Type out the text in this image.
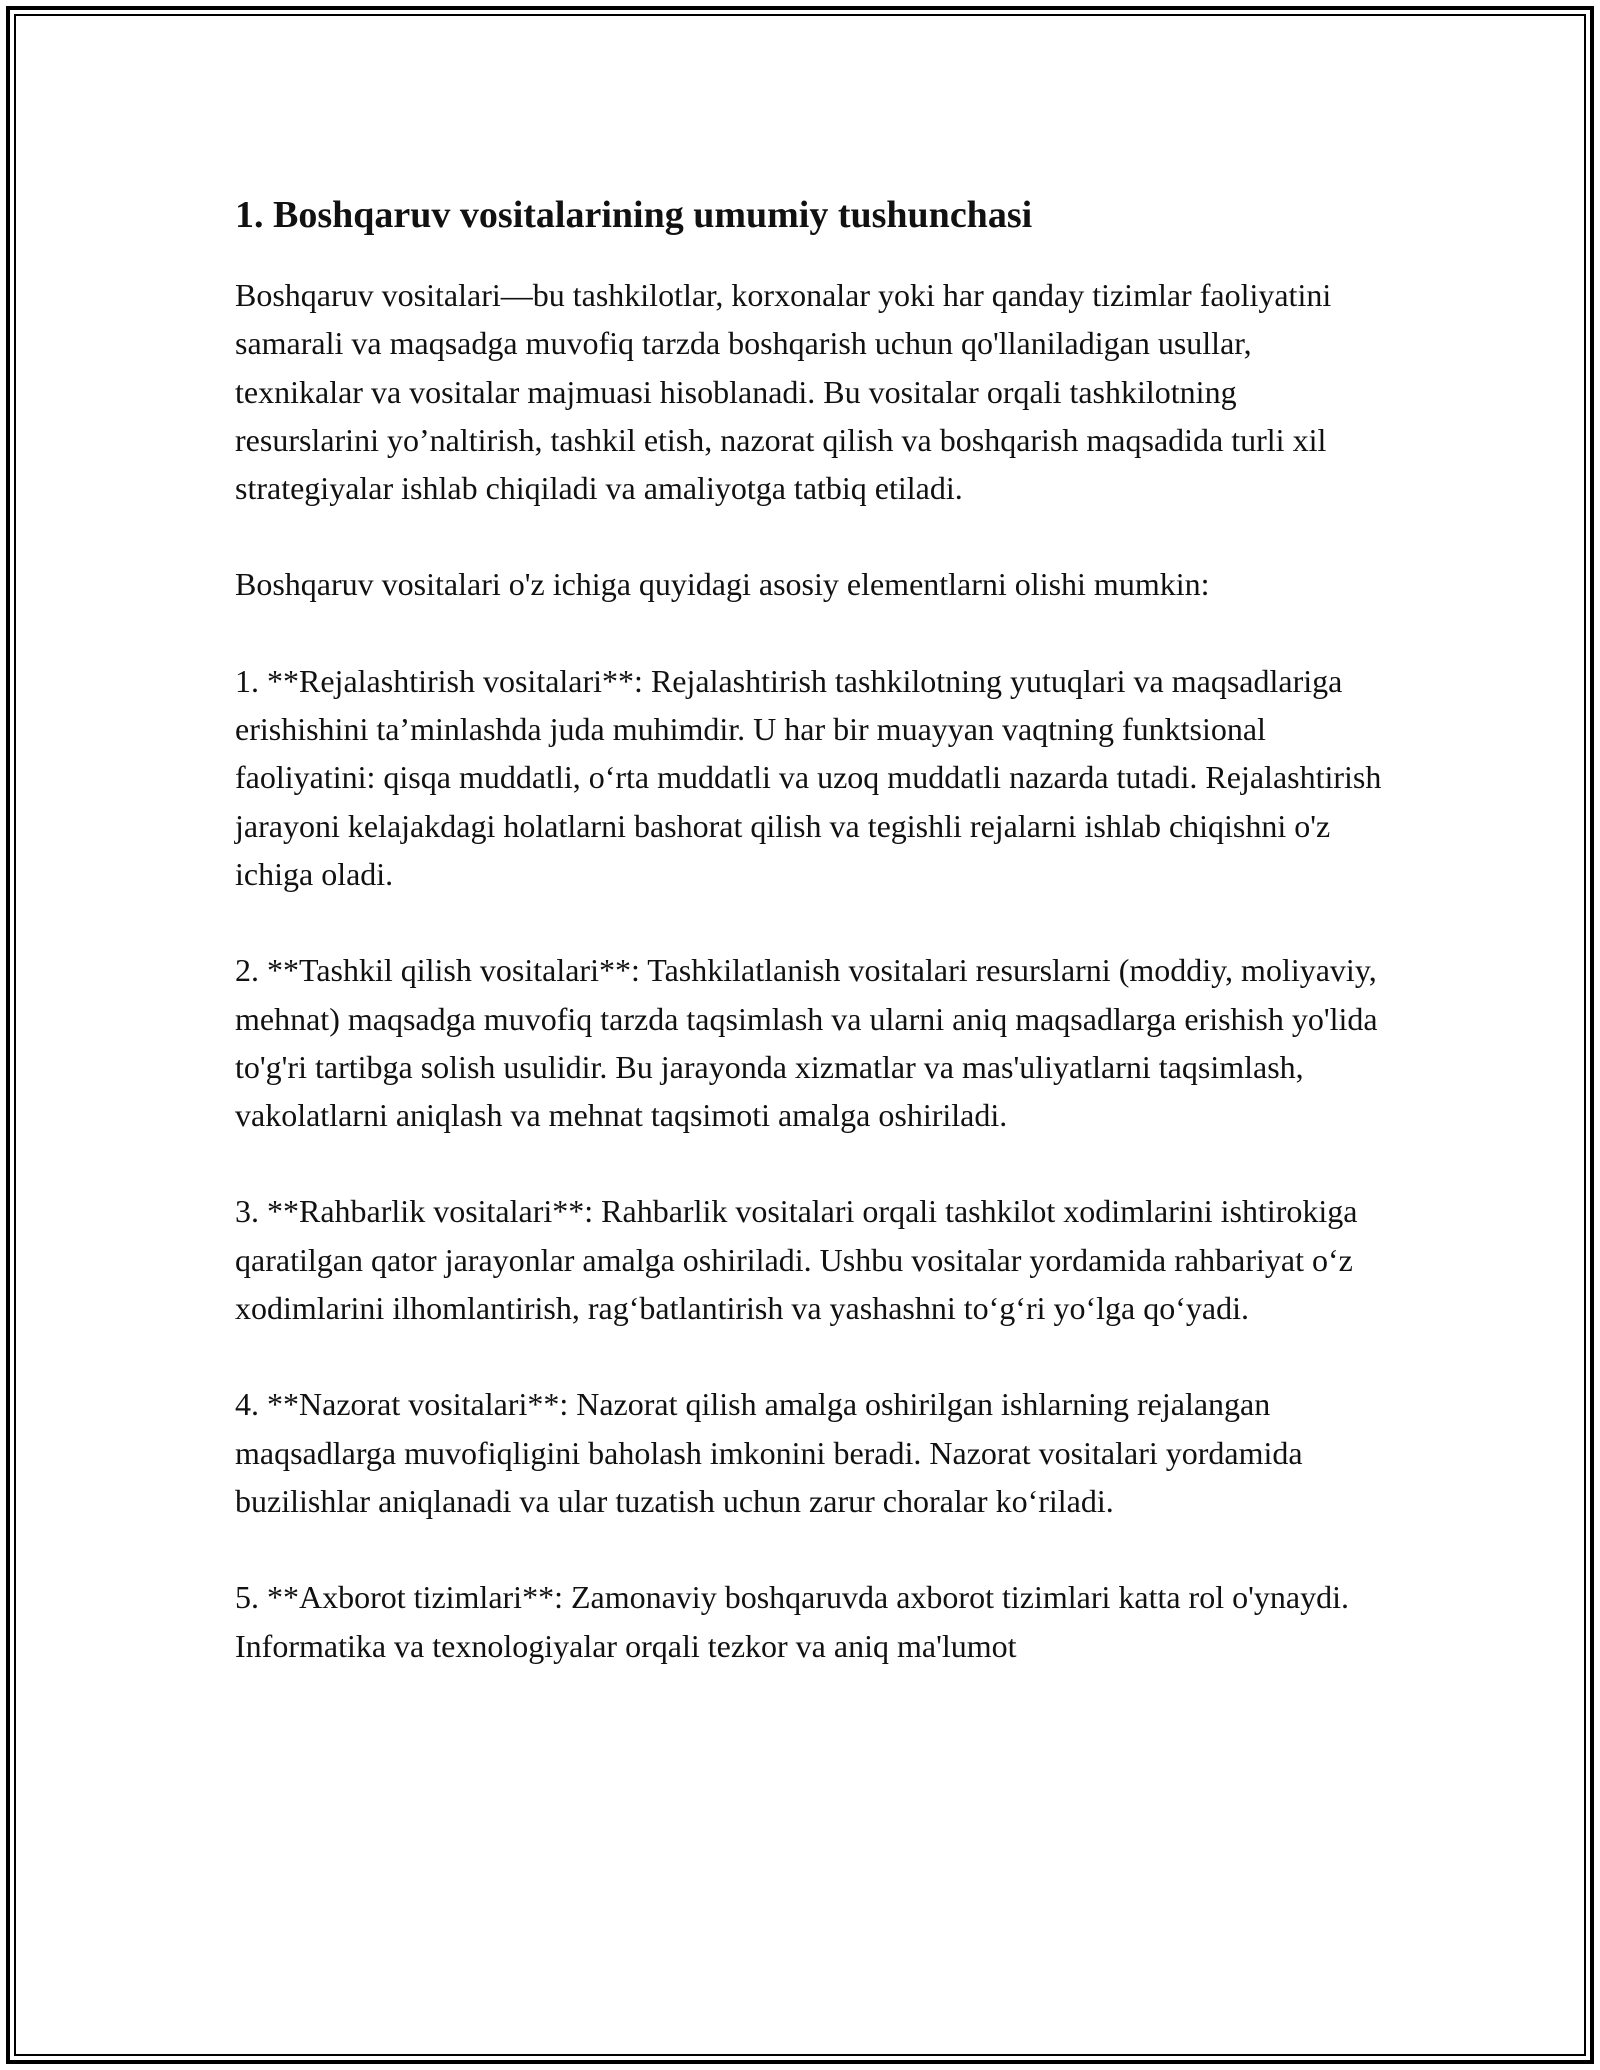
1. Boshqaruv vositalarining umumiy tushunchasi

Boshqaruv vositalari—bu tashkilotlar, korxonalar yoki har qanday tizimlar faoliyatini samarali va maqsadga muvofiq tarzda boshqarish uchun qo'llaniladigan usullar, texnikalar va vositalar majmuasi hisoblanadi. Bu vositalar orqali tashkilotning resurslarini yo’naltirish, tashkil etish, nazorat qilish va boshqarish maqsadida turli xil strategiyalar ishlab chiqiladi va amaliyotga tatbiq etiladi.

Boshqaruv vositalari o'z ichiga quyidagi asosiy elementlarni olishi mumkin:

1. **Rejalashtirish vositalari**: Rejalashtirish tashkilotning yutuqlari va maqsadlariga erishishini ta’minlashda juda muhimdir. U har bir muayyan vaqtning funktsional faoliyatini: qisqa muddatli, o‘rta muddatli va uzoq muddatli nazarda tutadi. Rejalashtirish jarayoni kelajakdagi holatlarni bashorat qilish va tegishli rejalarni ishlab chiqishni o'z ichiga oladi.

2. **Tashkil qilish vositalari**: Tashkilatlanish vositalari resurslarni (moddiy, moliyaviy, mehnat) maqsadga muvofiq tarzda taqsimlash va ularni aniq maqsadlarga erishish yo'lida to'g'ri tartibga solish usulidir. Bu jarayonda xizmatlar va mas'uliyatlarni taqsimlash, vakolatlarni aniqlash va mehnat taqsimoti amalga oshiriladi.

3. **Rahbarlik vositalari**: Rahbarlik vositalari orqali tashkilot xodimlarini ishtirokiga qaratilgan qator jarayonlar amalga oshiriladi. Ushbu vositalar yordamida rahbariyat o‘z xodimlarini ilhomlantirish, rag‘batlantirish va yashashni to‘g‘ri yo‘lga qo‘yadi.

4. **Nazorat vositalari**: Nazorat qilish amalga oshirilgan ishlarning rejalangan maqsadlarga muvofiqligini baholash imkonini beradi. Nazorat vositalari yordamida buzilishlar aniqlanadi va ular tuzatish uchun zarur choralar ko‘riladi.

5. **Axborot tizimlari**: Zamonaviy boshqaruvda axborot tizimlari katta rol o'ynaydi. Informatika va texnologiyalar orqali tezkor va aniq ma'lumot
